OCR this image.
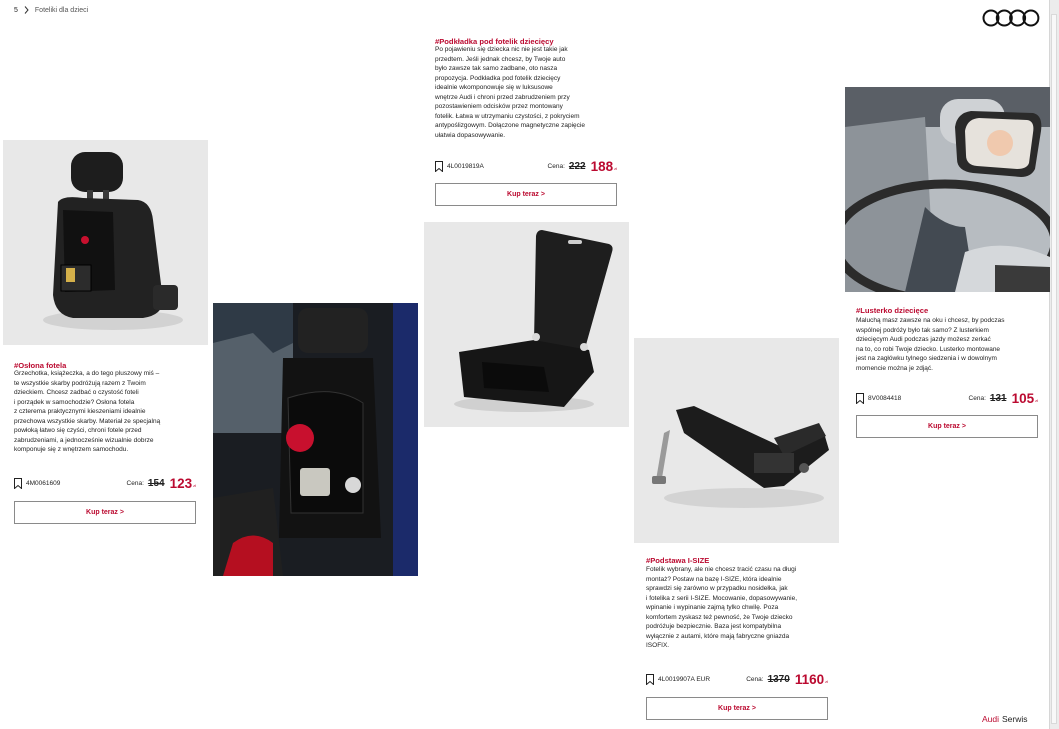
5 Foteliki dla dzieci
#Osłona fotela
Grzechotka, książeczka, a do tego pluszowy miś –
te wszystkie skarby podróżują razem z Twoim
dzieckiem. Chcesz zadbać o czystość foteli
i porządek w samochodzie? Osłona fotela
z czterema praktycznymi kieszeniami idealnie
przechowa wszystkie skarby. Materiał ze specjalną
powłoką łatwo się czyści, chroni fotele przed
zabrudzeniami, a jednocześnie wizualnie dobrze
komponuje się z wnętrzem samochodu.
4M0061609	Cena: 154 123 zł
Kup teraz >
#Podkładka pod fotelik dziecięcy
Po pojawieniu się dziecka nic nie jest takie jak
przedtem. Jeśli jednak chcesz, by Twoje auto
było zawsze tak samo zadbane, oto nasza
propozycja. Podkładka pod fotelik dziecięcy
idealnie wkomponowuje się w luksusowe
wnętrze Audi i chroni przed zabrudzeniem przy
pozostawieniem odcisków przez montowany
fotelik. Łatwa w utrzymaniu czystości, z pokryciem
antypoślizgowym. Dołączone magnetyczne zapięcie
ułatwia dopasowywanie.
4L0019819A	Cena: 222 188 zł
Kup teraz >
#Podstawa I-SIZE
Fotelik wybrany, ale nie chcesz tracić czasu na długi
montaż? Postaw na bazę I-SIZE, która idealnie
sprawdzi się zarówno w przypadku nosidełka, jak
i fotelika z serii I-SIZE. Mocowanie, dopasowywanie,
wpinanie i wypinanie zajmą tylko chwilę. Poza
komfortem zyskasz też pewność, że Twoje dziecko
podróżuje bezpiecznie. Baza jest kompatybilna
wyłącznie z autami, które mają fabryczne gniazda
ISOFIX.
4L0019907A EUR	Cena: 1370 1160 zł
Kup teraz >
#Lusterko dziecięce
Maluchą masz zawsze na oku i chcesz, by podczas
wspólnej podróży było tak samo? Z lusterkiem
dziecięcym Audi podczas jazdy możesz zerkać
na to, co robi Twoje dziecko. Lusterko montowane
jest na zagłówku tylnego siedzenia i w dowolnym
momencie można je zdjąć.
8V0084418	Cena: 131 105 zł
Kup teraz >
Audi Serwis
